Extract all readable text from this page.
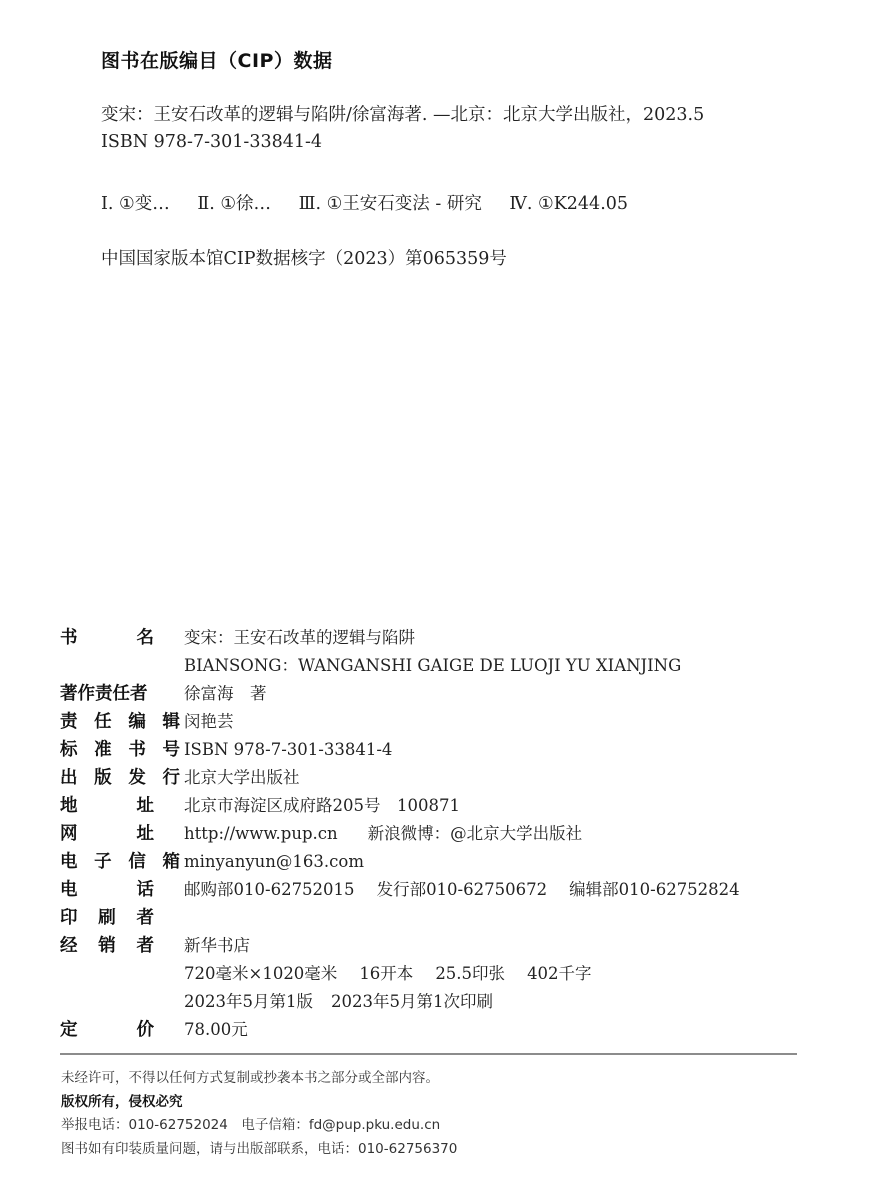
图书在版编目（CIP）数据
变宋：王安石改革的逻辑与陷阱/徐富海著. —北京：北京大学出版社，2023.5
ISBN 978-7-301-33841-4
Ⅰ. ①变… Ⅱ. ①徐… Ⅲ. ①王安石变法 - 研究 Ⅳ. ①K244.05
中国国家版本馆CIP数据核字（2023）第065359号
书	名 变宋：王安石改革的逻辑与陷阱
BIANSONG：WANGANSHI GAIGE DE LUOJI YU XIANJING
著作责任者 徐富海　著
责 任 编 辑 闵艳芸
标 准 书 号 ISBN 978-7-301-33841-4
出 版 发 行 北京大学出版社
地	址 北京市海淀区成府路205号　100871
网	址 http://www.pup.cn 新浪微博：@北京大学出版社
电 子 信 箱 minyanyun@163.com
电	话 邮购部010-62752015 发行部010-62750672 编辑部010-62752824
印 刷 者
经 销 者 新华书店
720毫米×1020毫米 16开本 25.5印张 402千字
2023年5月第1版 2023年5月第1次印刷
定	价 78.00元
未经许可，不得以任何方式复制或抄袭本书之部分或全部内容。
版权所有，侵权必究
举报电话：010-62752024　电子信箱：fd@pup.pku.edu.cn
图书如有印装质量问题，请与出版部联系，电话：010-62756370
